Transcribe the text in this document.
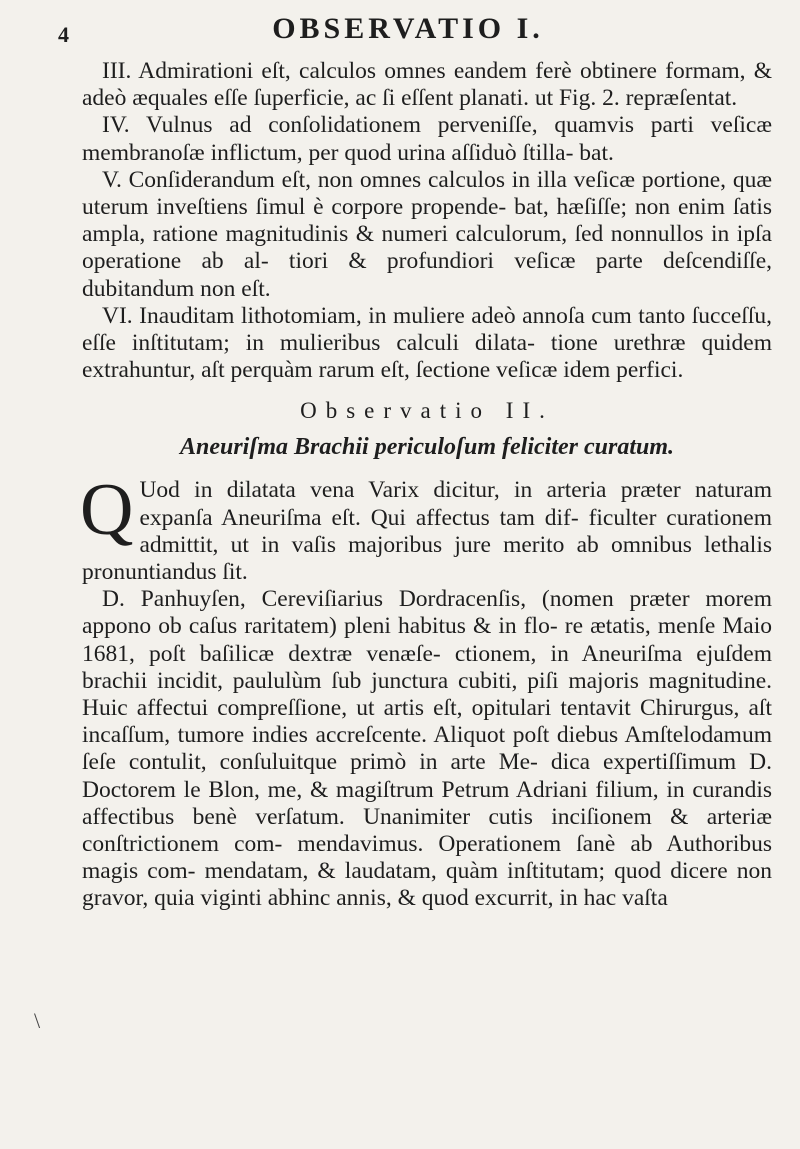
4	OBSERVATIO I.
\

III. Admirationi eſt, calculos omnes eandem ferè obtinere formam, & adeò æquales eſſe ſuperficie, ac ſi eſſent planati. ut Fig. 2. repræſentat.

IV. Vulnus ad conſolidationem perveniſſe, quamvis parti veſicæ membranoſæ inflictum, per quod urina aſſiduò ſtilla- bat.

V. Conſiderandum eſt, non omnes calculos in illa veſicæ portione, quæ uterum inveſtiens ſimul è corpore propende- bat, hæſiſſe; non enim ſatis ampla, ratione magnitudinis & numeri calculorum, ſed nonnullos in ipſa operatione ab al- tiori & profundiori veſicæ parte deſcendiſſe, dubitandum non eſt.

VI. Inauditam lithotomiam, in muliere adeò annoſa cum tanto ſucceſſu, eſſe inſtitutam; in mulieribus calculi dilata- tione urethræ quidem extrahuntur, aſt perquàm rarum eſt, ſectione veſicæ idem perfici.

Observatio II.
Aneuriſma Brachii periculoſum feliciter curatum.

Q Uod in dilatata vena Varix dicitur, in arteria præter naturam expanſa Aneuriſma eſt. Qui affectus tam dif- ficulter curationem admittit, ut in vaſis majoribus jure merito ab omnibus lethalis pronuntiandus ſit.

D. Panhuyſen, Cereviſiarius Dordracenſis, (nomen præter morem appono ob caſus raritatem) pleni habitus & in flo- re ætatis, menſe Maio 1681, poſt baſilicæ dextræ venæſe- ctionem, in Aneuriſma ejuſdem brachii incidit, paululùm ſub junctura cubiti, piſi majoris magnitudine. Huic affectui compreſſione, ut artis eſt, opitulari tentavit Chirurgus, aſt incaſſum, tumore indies accreſcente. Aliquot poſt diebus Amſtelodamum ſeſe contulit, conſuluitque primò in arte Me- dica expertiſſimum D. Doctorem le Blon, me, & magiſtrum Petrum Adriani filium, in curandis affectibus benè verſatum. Unanimiter cutis inciſionem & arteriæ conſtrictionem com- mendavimus. Operationem ſanè ab Authoribus magis com- mendatam, & laudatam, quàm inſtitutam; quod dicere non gravor, quia viginti abhinc annis, & quod excurrit, in hac vaſta
